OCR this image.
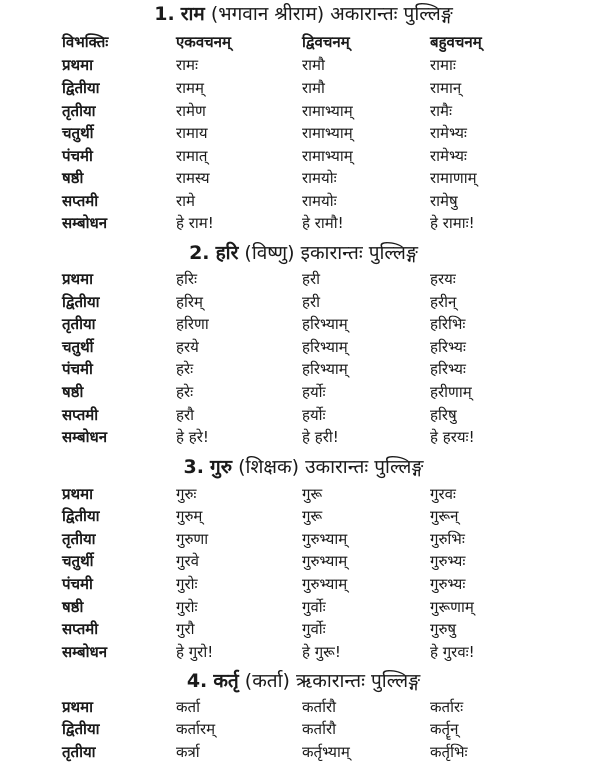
1. राम (भगवान श्रीराम) अकारान्तः पुल्लिङ्ग
विभक्तिः	एकवचनम्	द्विवचनम्	बहुवचनम्
प्रथमा	रामः	रामौ	रामाः
द्वितीया	रामम्	रामौ	रामान्
तृतीया	रामेण	रामाभ्याम्	रामैः
चतुर्थी	रामाय	रामाभ्याम्	रामेभ्यः
पंचमी	रामात्	रामाभ्याम्	रामेभ्यः
षष्ठी	रामस्य	रामयोः	रामाणाम्
सप्तमी	रामे	रामयोः	रामेषु
सम्बोधन	हे राम!	हे रामौ!	हे रामाः!
2. हरि (विष्णु) इकारान्तः पुल्लिङ्ग
प्रथमा	हरिः	हरी	हरयः
द्वितीया	हरिम्	हरी	हरीन्
तृतीया	हरिणा	हरिभ्याम्	हरिभिः
चतुर्थी	हरये	हरिभ्याम्	हरिभ्यः
पंचमी	हरेः	हरिभ्याम्	हरिभ्यः
षष्ठी	हरेः	हर्योः	हरीणाम्
सप्तमी	हरौ	हर्योः	हरिषु
सम्बोधन	हे हरे!	हे हरी!	हे हरयः!
3. गुरु (शिक्षक) उकारान्तः पुल्लिङ्ग
प्रथमा	गुरुः	गुरू	गुरवः
द्वितीया	गुरुम्	गुरू	गुरून्
तृतीया	गुरुणा	गुरुभ्याम्	गुरुभिः
चतुर्थी	गुरवे	गुरुभ्याम्	गुरुभ्यः
पंचमी	गुरोः	गुरुभ्याम्	गुरुभ्यः
षष्ठी	गुरोः	गुर्वोः	गुरूणाम्
सप्तमी	गुरौ	गुर्वोः	गुरुषु
सम्बोधन	हे गुरो!	हे गुरू!	हे गुरवः!
4. कर्तृ (कर्ता) ऋकारान्तः पुल्लिङ्ग
प्रथमा	कर्ता	कर्तारौ	कर्तारः
द्वितीया	कर्तारम्	कर्तारौ	कर्तॄन्
तृतीया	कर्त्रा	कर्तृभ्याम्	कर्तृभिः
